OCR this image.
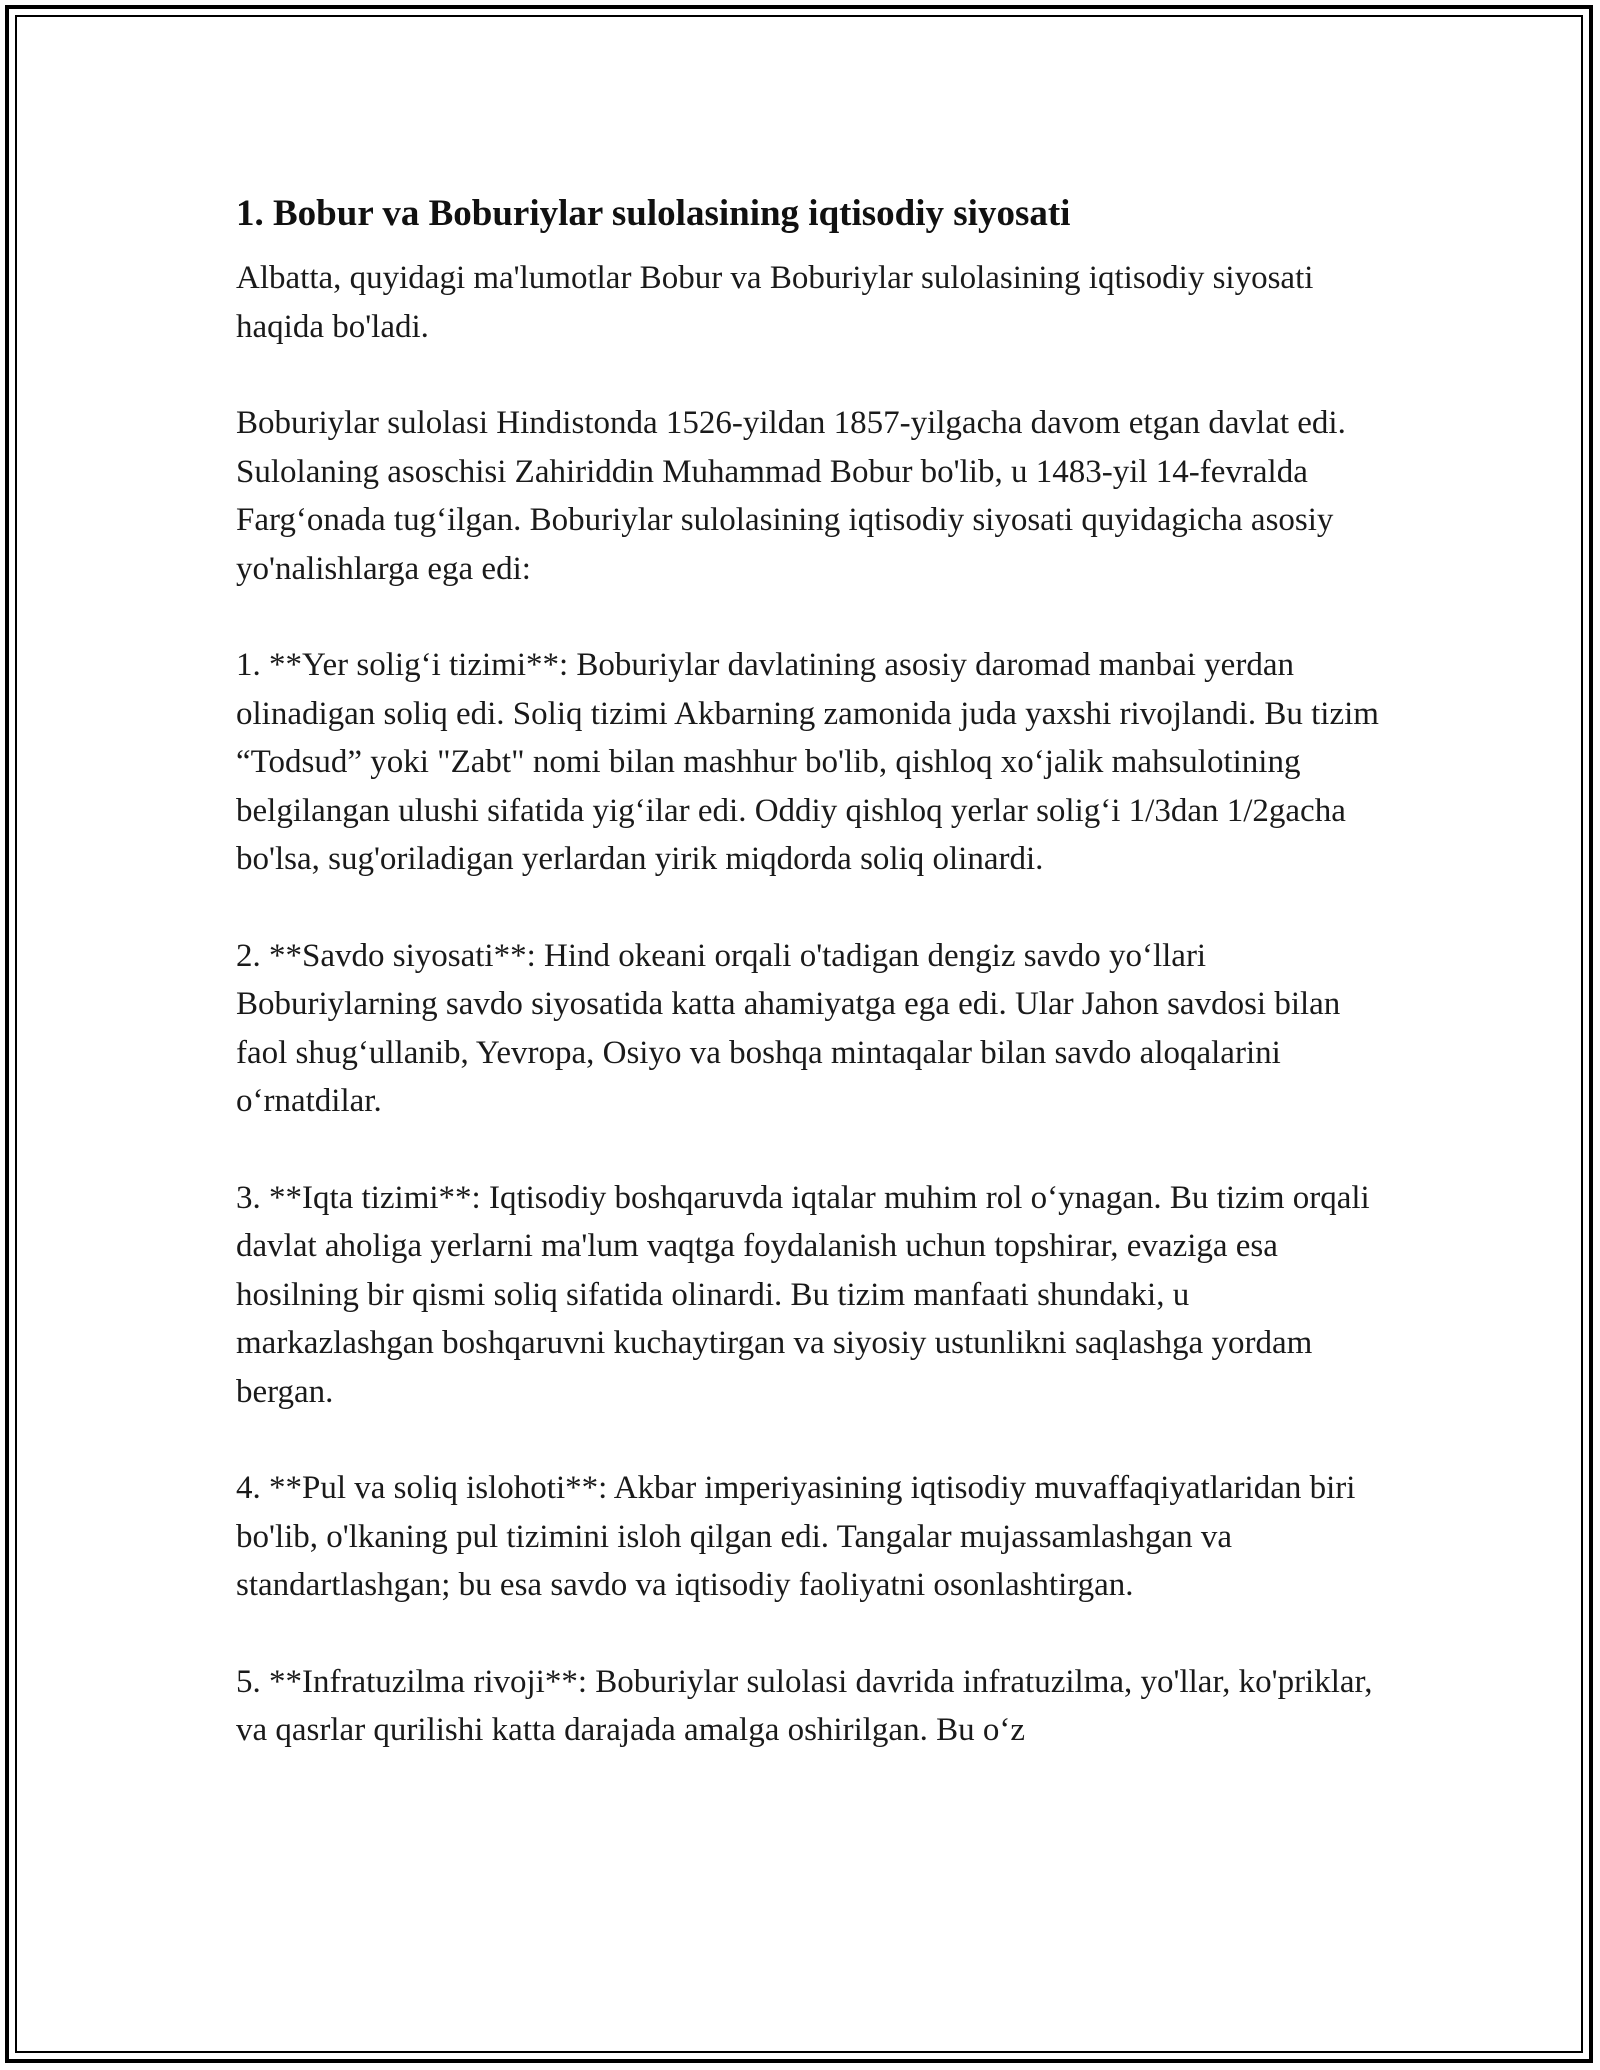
1. Bobur va Boburiylar sulolasining iqtisodiy siyosati

Albatta, quyidagi ma'lumotlar Bobur va Boburiylar sulolasining iqtisodiy siyosati haqida bo'ladi.

Boburiylar sulolasi Hindistonda 1526-yildan 1857-yilgacha davom etgan davlat edi. Sulolaning asoschisi Zahiriddin Muhammad Bobur bo'lib, u 1483-yil 14-fevralda Farg‘onada tug‘ilgan. Boburiylar sulolasining iqtisodiy siyosati quyidagicha asosiy yo'nalishlarga ega edi:

1. **Yer solig‘i tizimi**: Boburiylar davlatining asosiy daromad manbai yerdan olinadigan soliq edi. Soliq tizimi Akbarning zamonida juda yaxshi rivojlandi. Bu tizim “Todsud” yoki "Zabt" nomi bilan mashhur bo'lib, qishloq xo‘jalik mahsulotining belgilangan ulushi sifatida yig‘ilar edi. Oddiy qishloq yerlar solig‘i 1/3dan 1/2gacha bo'lsa, sug'oriladigan yerlardan yirik miqdorda soliq olinardi.

2. **Savdo siyosati**: Hind okeani orqali o'tadigan dengiz savdo yo‘llari Boburiylarning savdo siyosatida katta ahamiyatga ega edi. Ular Jahon savdosi bilan faol shug‘ullanib, Yevropa, Osiyo va boshqa mintaqalar bilan savdo aloqalarini o‘rnatdilar.

3. **Iqta tizimi**: Iqtisodiy boshqaruvda iqtalar muhim rol o‘ynagan. Bu tizim orqali davlat aholiga yerlarni ma'lum vaqtga foydalanish uchun topshirar, evaziga esa hosilning bir qismi soliq sifatida olinardi. Bu tizim manfaati shundaki, u markazlashgan boshqaruvni kuchaytirgan va siyosiy ustunlikni saqlashga yordam bergan.

4. **Pul va soliq islohoti**: Akbar imperiyasining iqtisodiy muvaffaqiyatlaridan biri bo'lib, o'lkaning pul tizimini isloh qilgan edi. Tangalar mujassamlashgan va standartlashgan; bu esa savdo va iqtisodiy faoliyatni osonlashtirgan.

5. **Infratuzilma rivoji**: Boburiylar sulolasi davrida infratuzilma, yo'llar, ko'priklar, va qasrlar qurilishi katta darajada amalga oshirilgan. Bu o‘z
